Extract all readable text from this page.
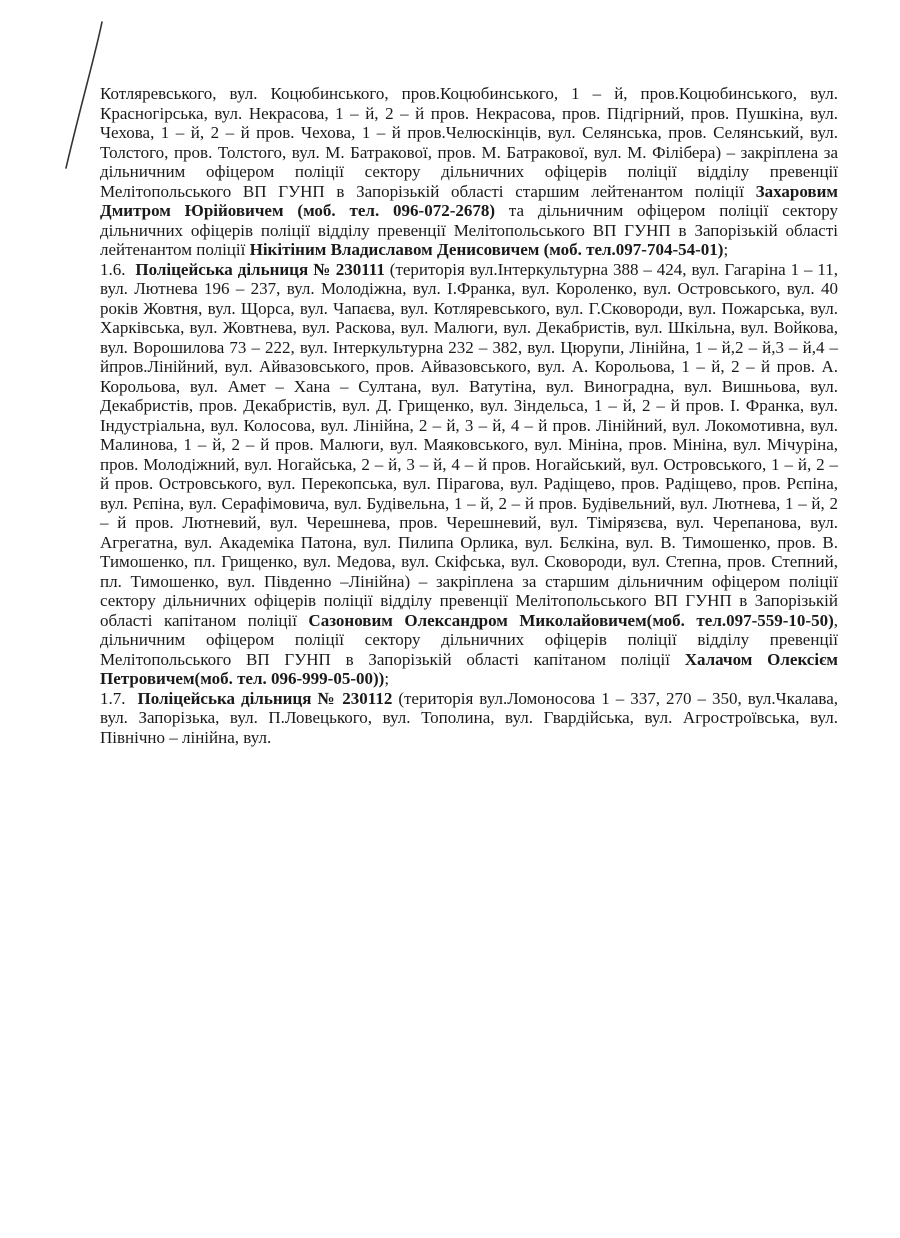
Котляревського, вул. Коцюбинського, пров.Коцюбинського, 1 – й, пров.Коцюбинського, вул. Красногірська, вул. Некрасова, 1 – й, 2 – й пров. Некрасова, пров. Підгірний, пров. Пушкіна, вул. Чехова, 1 – й, 2 – й пров. Чехова, 1 – й пров.Челюскінців, вул. Селянська, пров. Селянський, вул. Толстого, пров. Толстого, вул. М. Батракової, пров. М. Батракової, вул. М. Філібера) – закріплена за дільничним офіцером поліції сектору дільничних офіцерів поліції відділу превенції Мелітопольського ВП ГУНП в Запорізькій області старшим лейтенантом поліції Захаровим Дмитром Юрійовичем (моб. тел. 096-072-2678) та дільничним офіцером поліції сектору дільничних офіцерів поліції відділу превенції Мелітопольського ВП ГУНП в Запорізькій області лейтенантом поліції Нікітіним Владиславом Денисовичем (моб. тел.097-704-54-01);

1.6. Поліцейська дільниця № 230111 (територія вул.Інтеркультурна 388 – 424, вул. Гагаріна 1 – 11, вул. Лютнева 196 – 237, вул. Молодіжна, вул. І.Франка, вул. Короленко, вул. Островського, вул. 40 років Жовтня, вул. Щорса, вул. Чапаєва, вул. Котляревського, вул. Г.Сковороди, вул. Пожарська, вул. Харківська, вул. Жовтнева, вул. Раскова, вул. Малюги, вул. Декабристів, вул. Шкільна, вул. Войкова, вул. Ворошилова 73 – 222, вул. Інтеркультурна 232 – 382, вул. Цюрупи, Лінійна, 1 – й,2 – й,3 – й,4 – йпров.Лінійний, вул. Айвазовського, пров. Айвазовського, вул. А. Корольова, 1 – й, 2 – й пров. А. Корольова, вул. Амет – Хана – Султана, вул. Ватутіна, вул. Виноградна, вул. Вишньова, вул. Декабристів, пров. Декабристів, вул. Д. Грищенко, вул. Зіндельса, 1 – й, 2 – й пров. І. Франка, вул. Індустріальна, вул. Колосова, вул. Лінійна, 2 – й, 3 – й, 4 – й пров. Лінійний, вул. Локомотивна, вул. Малинова, 1 – й, 2 – й пров. Малюги, вул. Маяковського, вул. Мініна, пров. Мініна, вул. Мічуріна, пров. Молодіжний, вул. Ногайська, 2 – й, 3 – й, 4 – й пров. Ногайський, вул. Островського, 1 – й, 2 – й пров. Островського, вул. Перекопська, вул. Пірагова, вул. Радіщево, пров. Радіщево, пров. Рєпіна, вул. Рєпіна, вул. Серафімовича, вул. Будівельна, 1 – й, 2 – й пров. Будівельний, вул. Лютнева, 1 – й, 2 – й пров. Лютневий, вул. Черешнева, пров. Черешневий, вул. Тімірязєва, вул. Черепанова, вул. Агрегатна, вул. Академіка Патона, вул. Пилипа Орлика, вул. Бєлкіна, вул. В. Тимошенко, пров. В. Тимошенко, пл. Грищенко, вул. Медова, вул. Скіфська, вул. Сковороди, вул. Степна, пров. Степний, пл. Тимошенко, вул. Південно –Лінійна) – закріплена за старшим дільничним офіцером поліції сектору дільничних офіцерів поліції відділу превенції Мелітопольського ВП ГУНП в Запорізькій області капітаном поліції Сазоновим Олександром Миколайовичем(моб. тел.097-559-10-50), дільничним офіцером поліції сектору дільничних офіцерів поліції відділу превенції Мелітопольського ВП ГУНП в Запорізькій області капітаном поліції Халачом Олексієм Петровичем(моб. тел. 096-999-05-00));

1.7. Поліцейська дільниця № 230112 (територія вул.Ломоносова 1 – 337, 270 – 350, вул.Чкалава, вул. Запорізька, вул. П.Ловецького, вул. Тополина, вул. Гвардійська, вул. Агростроївська, вул. Північно – лінійна, вул.
